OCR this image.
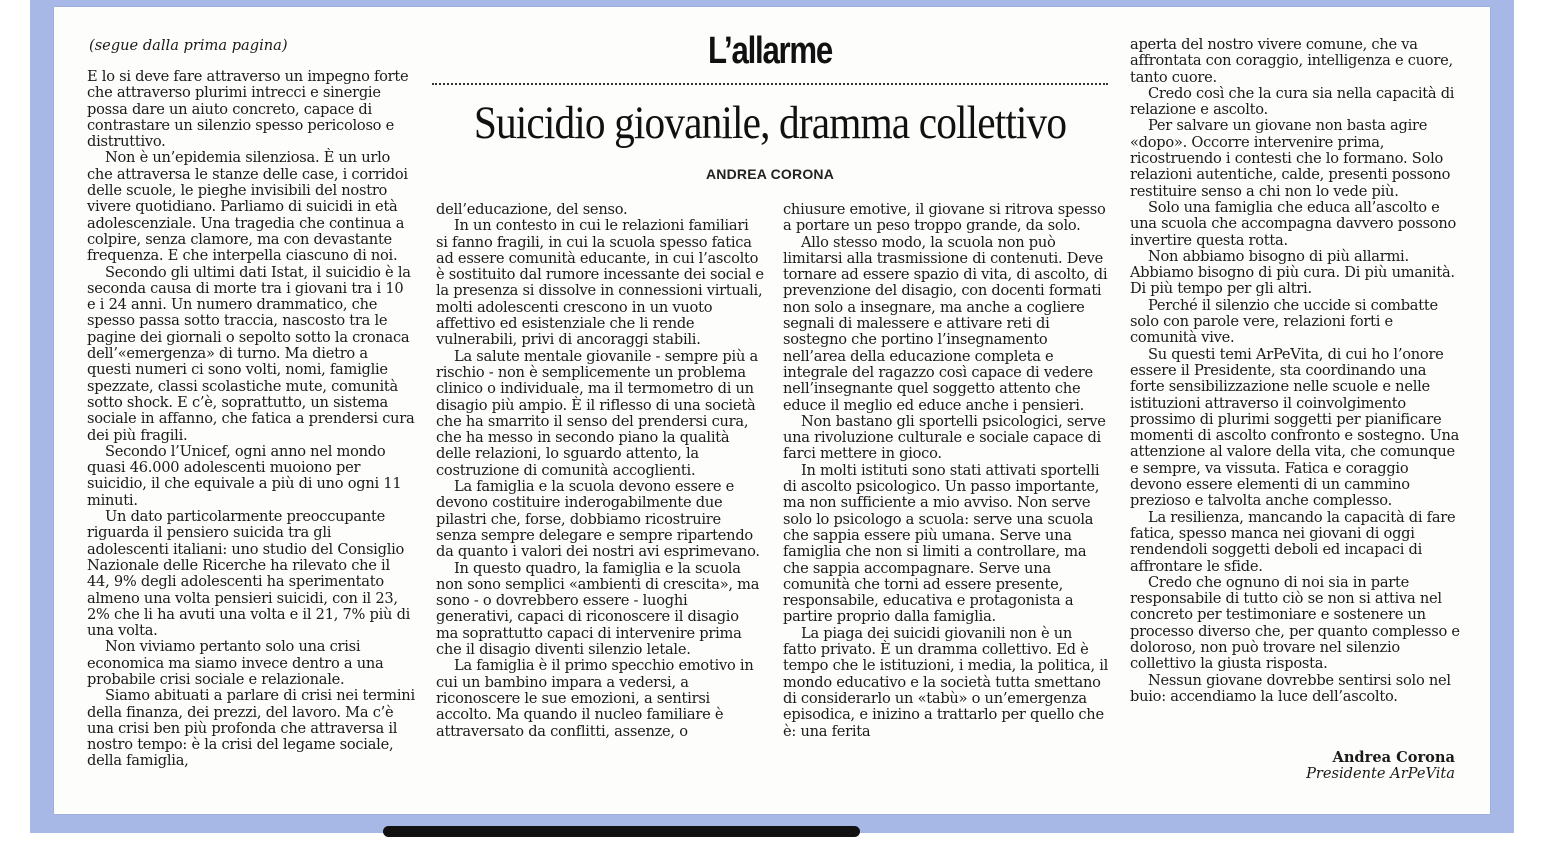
(segue dalla prima pagina)	L’allarme
Suicidio giovanile, dramma collettivo
ANDREA CORONA

E lo si deve fare attraverso un impegno forte che attraverso plurimi intrecci e sinergie possa dare un aiuto concreto, capace di contrastare un silenzio spesso pericoloso e distruttivo.

Non è un’epidemia silenziosa. È un urlo che attraversa le stanze delle case, i corridoi delle scuole, le pieghe invisibili del nostro vivere quotidiano. Parliamo di suicidi in età adolescenziale. Una tragedia che continua a colpire, senza clamore, ma con devastante frequenza. E che interpella ciascuno di noi.

Secondo gli ultimi dati Istat, il suicidio è la seconda causa di morte tra i giovani tra i 10 e i 24 anni. Un numero drammatico, che spesso passa sotto traccia, nascosto tra le pagine dei giornali o sepolto sotto la cronaca dell’«emergenza» di turno. Ma dietro a questi numeri ci sono volti, nomi, famiglie spezzate, classi scolastiche mute, comunità sotto shock. E c’è, soprattutto, un sistema sociale in affanno, che fatica a prendersi cura dei più fragili.

Secondo l’Unicef, ogni anno nel mondo quasi 46.000 adolescenti muoiono per suicidio, il che equivale a più di uno ogni 11 minuti.

Un dato particolarmente preoccupante riguarda il pensiero suicida tra gli adolescenti italiani: uno studio del Consiglio Nazionale delle Ricerche ha rilevato che il 44, 9% degli adolescenti ha sperimentato almeno una volta pensieri suicidi, con il 23, 2% che li ha avuti una volta e il 21, 7% più di una volta.

Non viviamo pertanto solo una crisi economica ma siamo invece dentro a una probabile crisi sociale e relazionale.

Siamo abituati a parlare di crisi nei termini della finanza, dei prezzi, del lavoro. Ma c’è una crisi ben più profonda che attraversa il nostro tempo: è la crisi del legame sociale, della famiglia,

dell’educazione, del senso.

In un contesto in cui le relazioni familiari si fanno fragili, in cui la scuola spesso fatica ad essere comunità educante, in cui l’ascolto è sostituito dal rumore incessante dei social e la presenza si dissolve in connessioni virtuali, molti adolescenti crescono in un vuoto affettivo ed esistenziale che li rende vulnerabili, privi di ancoraggi stabili.

La salute mentale giovanile - sempre più a rischio - non è semplicemente un problema clinico o individuale, ma il termometro di un disagio più ampio. È il riflesso di una società che ha smarrito il senso del prendersi cura, che ha messo in secondo piano la qualità delle relazioni, lo sguardo attento, la costruzione di comunità accoglienti.

La famiglia e la scuola devono essere e devono costituire inderogabilmente due pilastri che, forse, dobbiamo ricostruire senza sempre delegare e sempre ripartendo da quanto i valori dei nostri avi esprimevano.

In questo quadro, la famiglia e la scuola non sono semplici «ambienti di crescita», ma sono - o dovrebbero essere - luoghi generativi, capaci di riconoscere il disagio ma soprattutto capaci di intervenire prima che il disagio diventi silenzio letale.

La famiglia è il primo specchio emotivo in cui un bambino impara a vedersi, a riconoscere le sue emozioni, a sentirsi accolto. Ma quando il nucleo familiare è attraversato da conflitti, assenze, o

chiusure emotive, il giovane si ritrova spesso a portare un peso troppo grande, da solo.

Allo stesso modo, la scuola non può limitarsi alla trasmissione di contenuti. Deve tornare ad essere spazio di vita, di ascolto, di prevenzione del disagio, con docenti formati non solo a insegnare, ma anche a cogliere segnali di malessere e attivare reti di sostegno che portino l’insegnamento nell’area della educazione completa e integrale del ragazzo così capace di vedere nell’insegnante quel soggetto attento che educe il meglio ed educe anche i pensieri.

Non bastano gli sportelli psicologici, serve una rivoluzione culturale e sociale capace di farci mettere in gioco.

In molti istituti sono stati attivati sportelli di ascolto psicologico. Un passo importante, ma non sufficiente a mio avviso. Non serve solo lo psicologo a scuola: serve una scuola che sappia essere più umana. Serve una famiglia che non si limiti a controllare, ma che sappia accompagnare. Serve una comunità che torni ad essere presente, responsabile, educativa e protagonista a partire proprio dalla famiglia.

La piaga dei suicidi giovanili non è un fatto privato. È un dramma collettivo. Ed è tempo che le istituzioni, i media, la politica, il mondo educativo e la società tutta smettano di considerarlo un «tabù» o un’emergenza episodica, e inizino a trattarlo per quello che è: una ferita

aperta del nostro vivere comune, che va affrontata con coraggio, intelligenza e cuore, tanto cuore.

Credo così che la cura sia nella capacità di relazione e ascolto.

Per salvare un giovane non basta agire «dopo». Occorre intervenire prima, ricostruendo i contesti che lo formano. Solo relazioni autentiche, calde, presenti possono restituire senso a chi non lo vede più.

Solo una famiglia che educa all’ascolto e una scuola che accompagna davvero possono invertire questa rotta.

Non abbiamo bisogno di più allarmi. Abbiamo bisogno di più cura. Di più umanità. Di più tempo per gli altri.

Perché il silenzio che uccide si combatte solo con parole vere, relazioni forti e comunità vive.

Su questi temi ArPeVita, di cui ho l’onore essere il Presidente, sta coordinando una forte sensibilizzazione nelle scuole e nelle istituzioni attraverso il coinvolgimento prossimo di plurimi soggetti per pianificare momenti di ascolto confronto e sostegno. Una attenzione al valore della vita, che comunque e sempre, va vissuta. Fatica e coraggio devono essere elementi di un cammino prezioso e talvolta anche complesso.

La resilienza, mancando la capacità di fare fatica, spesso manca nei giovani di oggi rendendoli soggetti deboli ed incapaci di affrontare le sfide.

Credo che ognuno di noi sia in parte responsabile di tutto ciò se non si attiva nel concreto per testimoniare e sostenere un processo diverso che, per quanto complesso e doloroso, non può trovare nel silenzio collettivo la giusta risposta.

Nessun giovane dovrebbe sentirsi solo nel buio: accendiamo la luce dell’ascolto.

Andrea Corona
Presidente ArPeVita
